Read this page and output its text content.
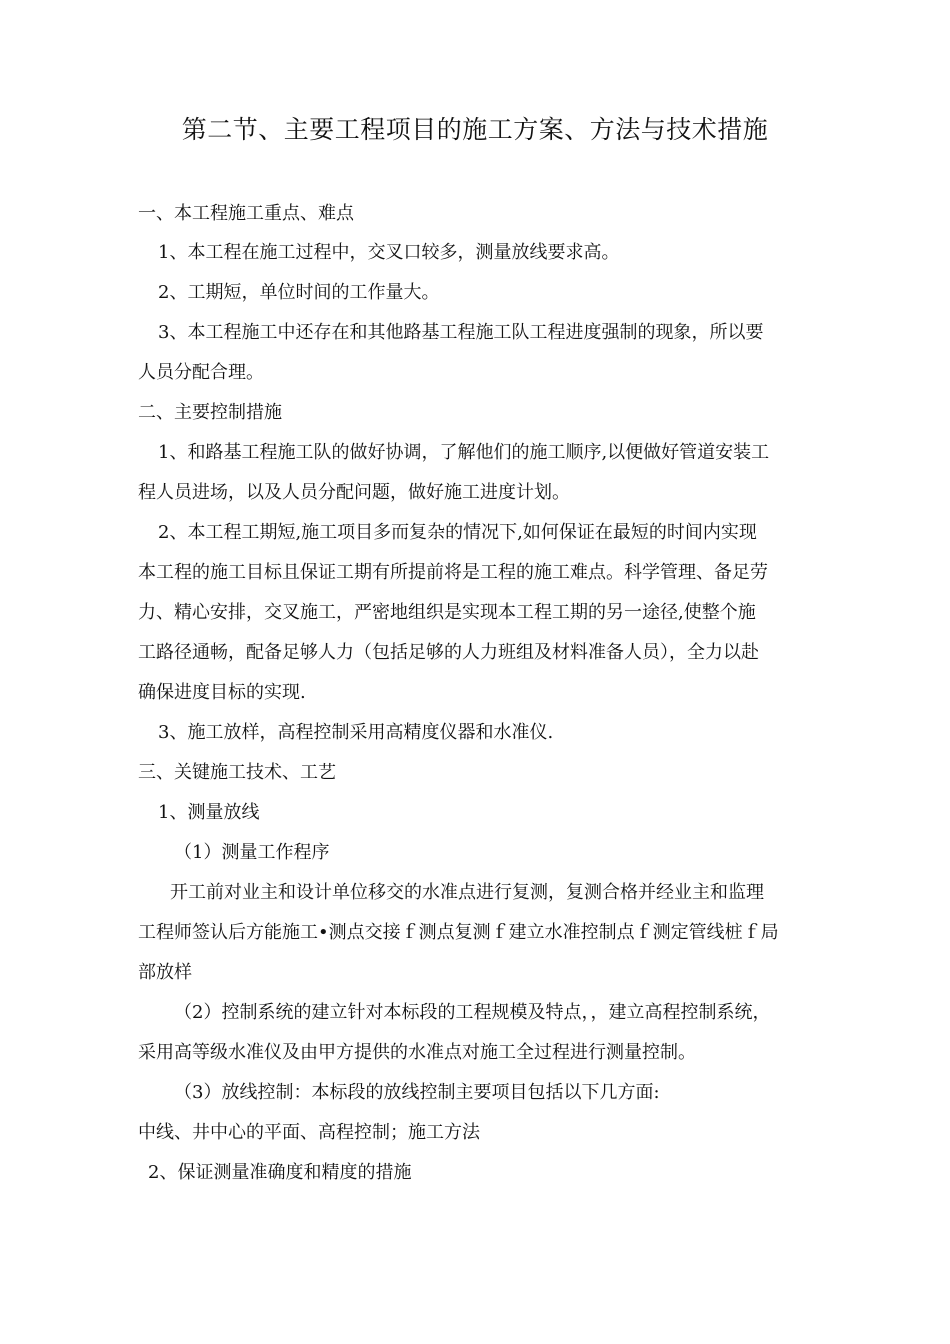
第二节、主要工程项目的施工方案、方法与技术措施
一、本工程施工重点、难点
1、本工程在施工过程中，交叉口较多，测量放线要求高。
2、工期短，单位时间的工作量大。
3、本工程施工中还存在和其他路基工程施工队工程进度强制的现象，所以要
人员分配合理。
二、主要控制措施
1、和路基工程施工队的做好协调，了解他们的施工顺序,以便做好管道安装工
程人员进场，以及人员分配问题，做好施工进度计划。
2、本工程工期短,施工项目多而复杂的情况下,如何保证在最短的时间内实现
本工程的施工目标且保证工期有所提前将是工程的施工难点。科学管理、备足劳
力、精心安排，交叉施工，严密地组织是实现本工程工期的另一途径,使整个施
工路径通畅，配备足够人力（包括足够的人力班组及材料准备人员），全力以赴
确保进度目标的实现.
3、施工放样，高程控制采用高精度仪器和水准仪.
三、关键施工技术、工艺
1、测量放线
（1）测量工作程序
开工前对业主和设计单位移交的水准点进行复测，复测合格并经业主和监理
工程师签认后方能施工•测点交接ｆ测点复测ｆ建立水准控制点ｆ测定管线桩ｆ局
部放样
（2）控制系统的建立针对本标段的工程规模及特点，，建立高程控制系统，
采用高等级水准仪及由甲方提供的水准点对施工全过程进行测量控制。
（3）放线控制：本标段的放线控制主要项目包括以下几方面:
中线、井中心的平面、高程控制；施工方法
2、保证测量准确度和精度的措施
